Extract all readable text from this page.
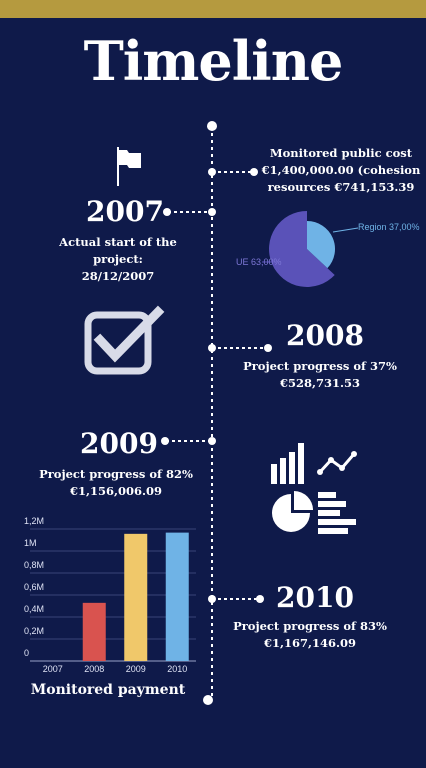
Timeline
Monitored public cost
€1,400,000.00 (cohesion
resources €741,153.39
Region 37,00%
UE 63,00%
2007
Actual start of the project:
28/12/2007
2008
Project progress of 37%
€528,731.53
2009
Project progress of 82%
€1,156,006.09
2010
Project progress of 83%
€1,167,146.09
0
0,2M
0,4M
0,6M
0,8M
1M
1,2M
2007	2008	2009	2010
Monitored payment
